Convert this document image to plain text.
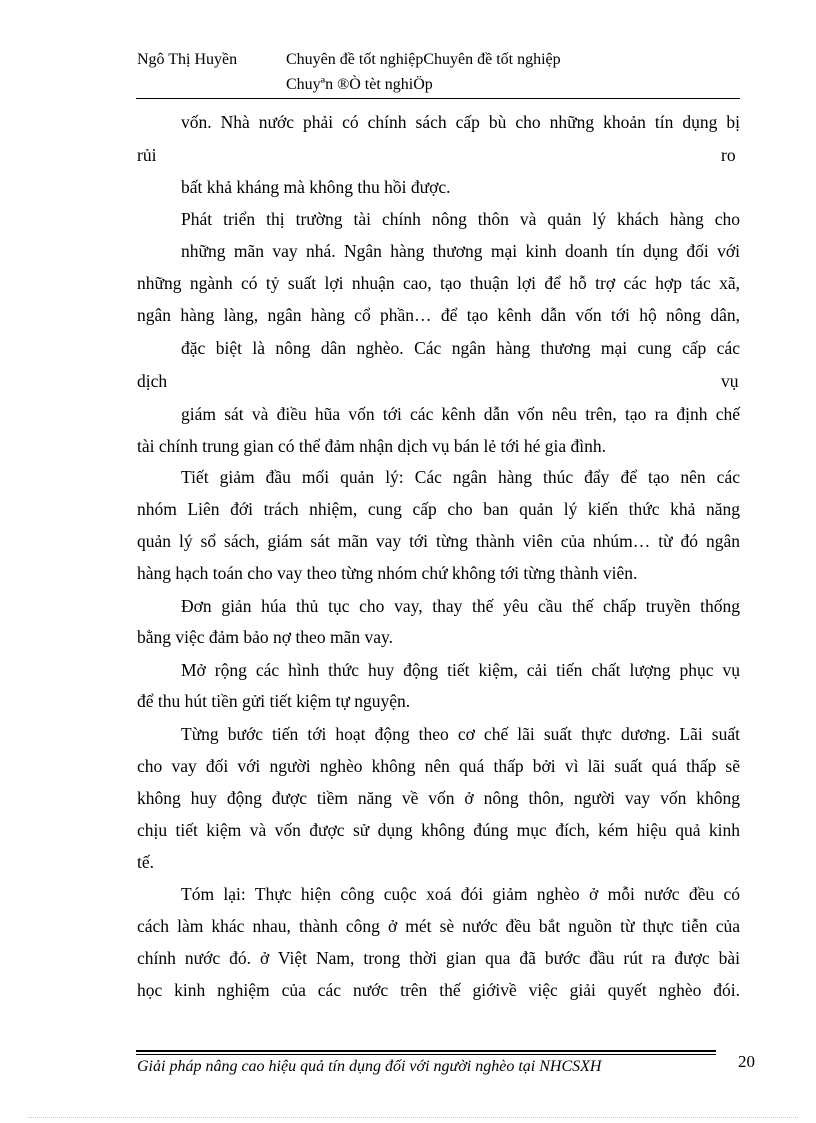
Ngô Thị Huyền	Chuyên đề tốt nghiệpChuyên đề tốt nghiệp
Chuyªn ®Ò tèt nghiÖp
vốn. Nhà nước phải có chính sách cấp bù cho những khoản tín dụng bị
rủi	ro
bất khả kháng mà không thu hồi được.
Phát triển thị trường tài chính nông thôn và quản lý khách hàng cho
những mãn vay nhá. Ngân hàng thương mại kinh doanh tín dụng đối với
những ngành có tỷ suất lợi nhuận cao, tạo thuận lợi để hỗ trợ các hợp tác xã,
ngân hàng làng, ngân hàng cổ phần… để tạo kênh dẫn vốn tới hộ nông dân,
đặc biệt là nông dân nghèo. Các ngân hàng thương mại cung cấp các
dịch	vụ
giám sát và điều hũa vốn tới các kênh dẫn vốn nêu trên, tạo ra định chế
tài chính trung gian có thể đảm nhận dịch vụ bán lẻ tới hé gia đình.
Tiết giảm đầu mối quản lý: Các ngân hàng thúc đẩy để tạo nên các
nhóm Liên đới trách nhiệm, cung cấp cho ban quản lý kiến thức khả năng
quản lý sổ sách, giám sát mãn vay tới từng thành viên của nhúm… từ đó ngân
hàng hạch toán cho vay theo từng nhóm chứ không tới từng thành viên.
Đơn giản húa thủ tục cho vay, thay thế yêu cầu thế chấp truyền thống
bằng việc đảm bảo nợ theo mãn vay.
Mở rộng các hình thức huy động tiết kiệm, cải tiến chất lượng phục vụ
để thu hút tiền gửi tiết kiệm tự nguyện.
Từng bước tiến tới hoạt động theo cơ chế lãi suất thực dương. Lãi suất
cho vay đối với người nghèo không nên quá thấp bởi vì lãi suất quá thấp sẽ
không huy động được tiềm năng về vốn ở nông thôn, người vay vốn không
chịu tiết kiệm và vốn được sử dụng không đúng mục đích, kém hiệu quả kinh
tế.
Tóm lại: Thực hiện công cuộc xoá đói giảm nghèo ở mỗi nước đều có
cách làm khác nhau, thành công ở mét sè nước đều bắt nguồn từ thực tiễn của
chính nước đó. ở Việt Nam, trong thời gian qua đã bước đầu rút ra được bài
học kinh nghiệm của các nước trên thế giớivề việc giải quyết nghèo đói.
Giải pháp nâng cao hiệu quả tín dụng đối với người nghèo tại NHCSXH	20
